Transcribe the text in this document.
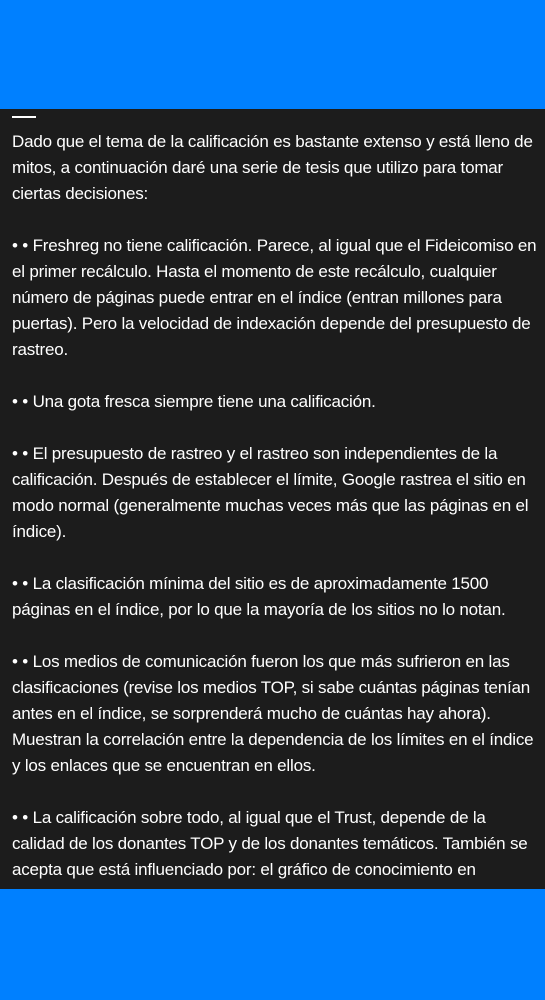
Dado que el tema de la calificación es bastante extenso y está lleno de mitos, a continuación daré una serie de tesis que utilizo para tomar ciertas decisiones:

• • Freshreg no tiene calificación. Parece, al igual que el Fideicomiso en el primer recálculo. Hasta el momento de este recálculo, cualquier número de páginas puede entrar en el índice (entran millones para puertas). Pero la velocidad de indexación depende del presupuesto de rastreo.

• • Una gota fresca siempre tiene una calificación.

• • El presupuesto de rastreo y el rastreo son independientes de la calificación. Después de establecer el límite, Google rastrea el sitio en modo normal (generalmente muchas veces más que las páginas en el índice).

• • La clasificación mínima del sitio es de aproximadamente 1500 páginas en el índice, por lo que la mayoría de los sitios no lo notan.

• • Los medios de comunicación fueron los que más sufrieron en las clasificaciones (revise los medios TOP, si sabe cuántas páginas tenían antes en el índice, se sorprenderá mucho de cuántas hay ahora). Muestran la correlación entre la dependencia de los límites en el índice y los enlaces que se encuentran en ellos.

• • La calificación sobre todo, al igual que el Trust, depende de la calidad de los donantes TOP y de los donantes temáticos. También se acepta que está influenciado por: el gráfico de conocimiento en
